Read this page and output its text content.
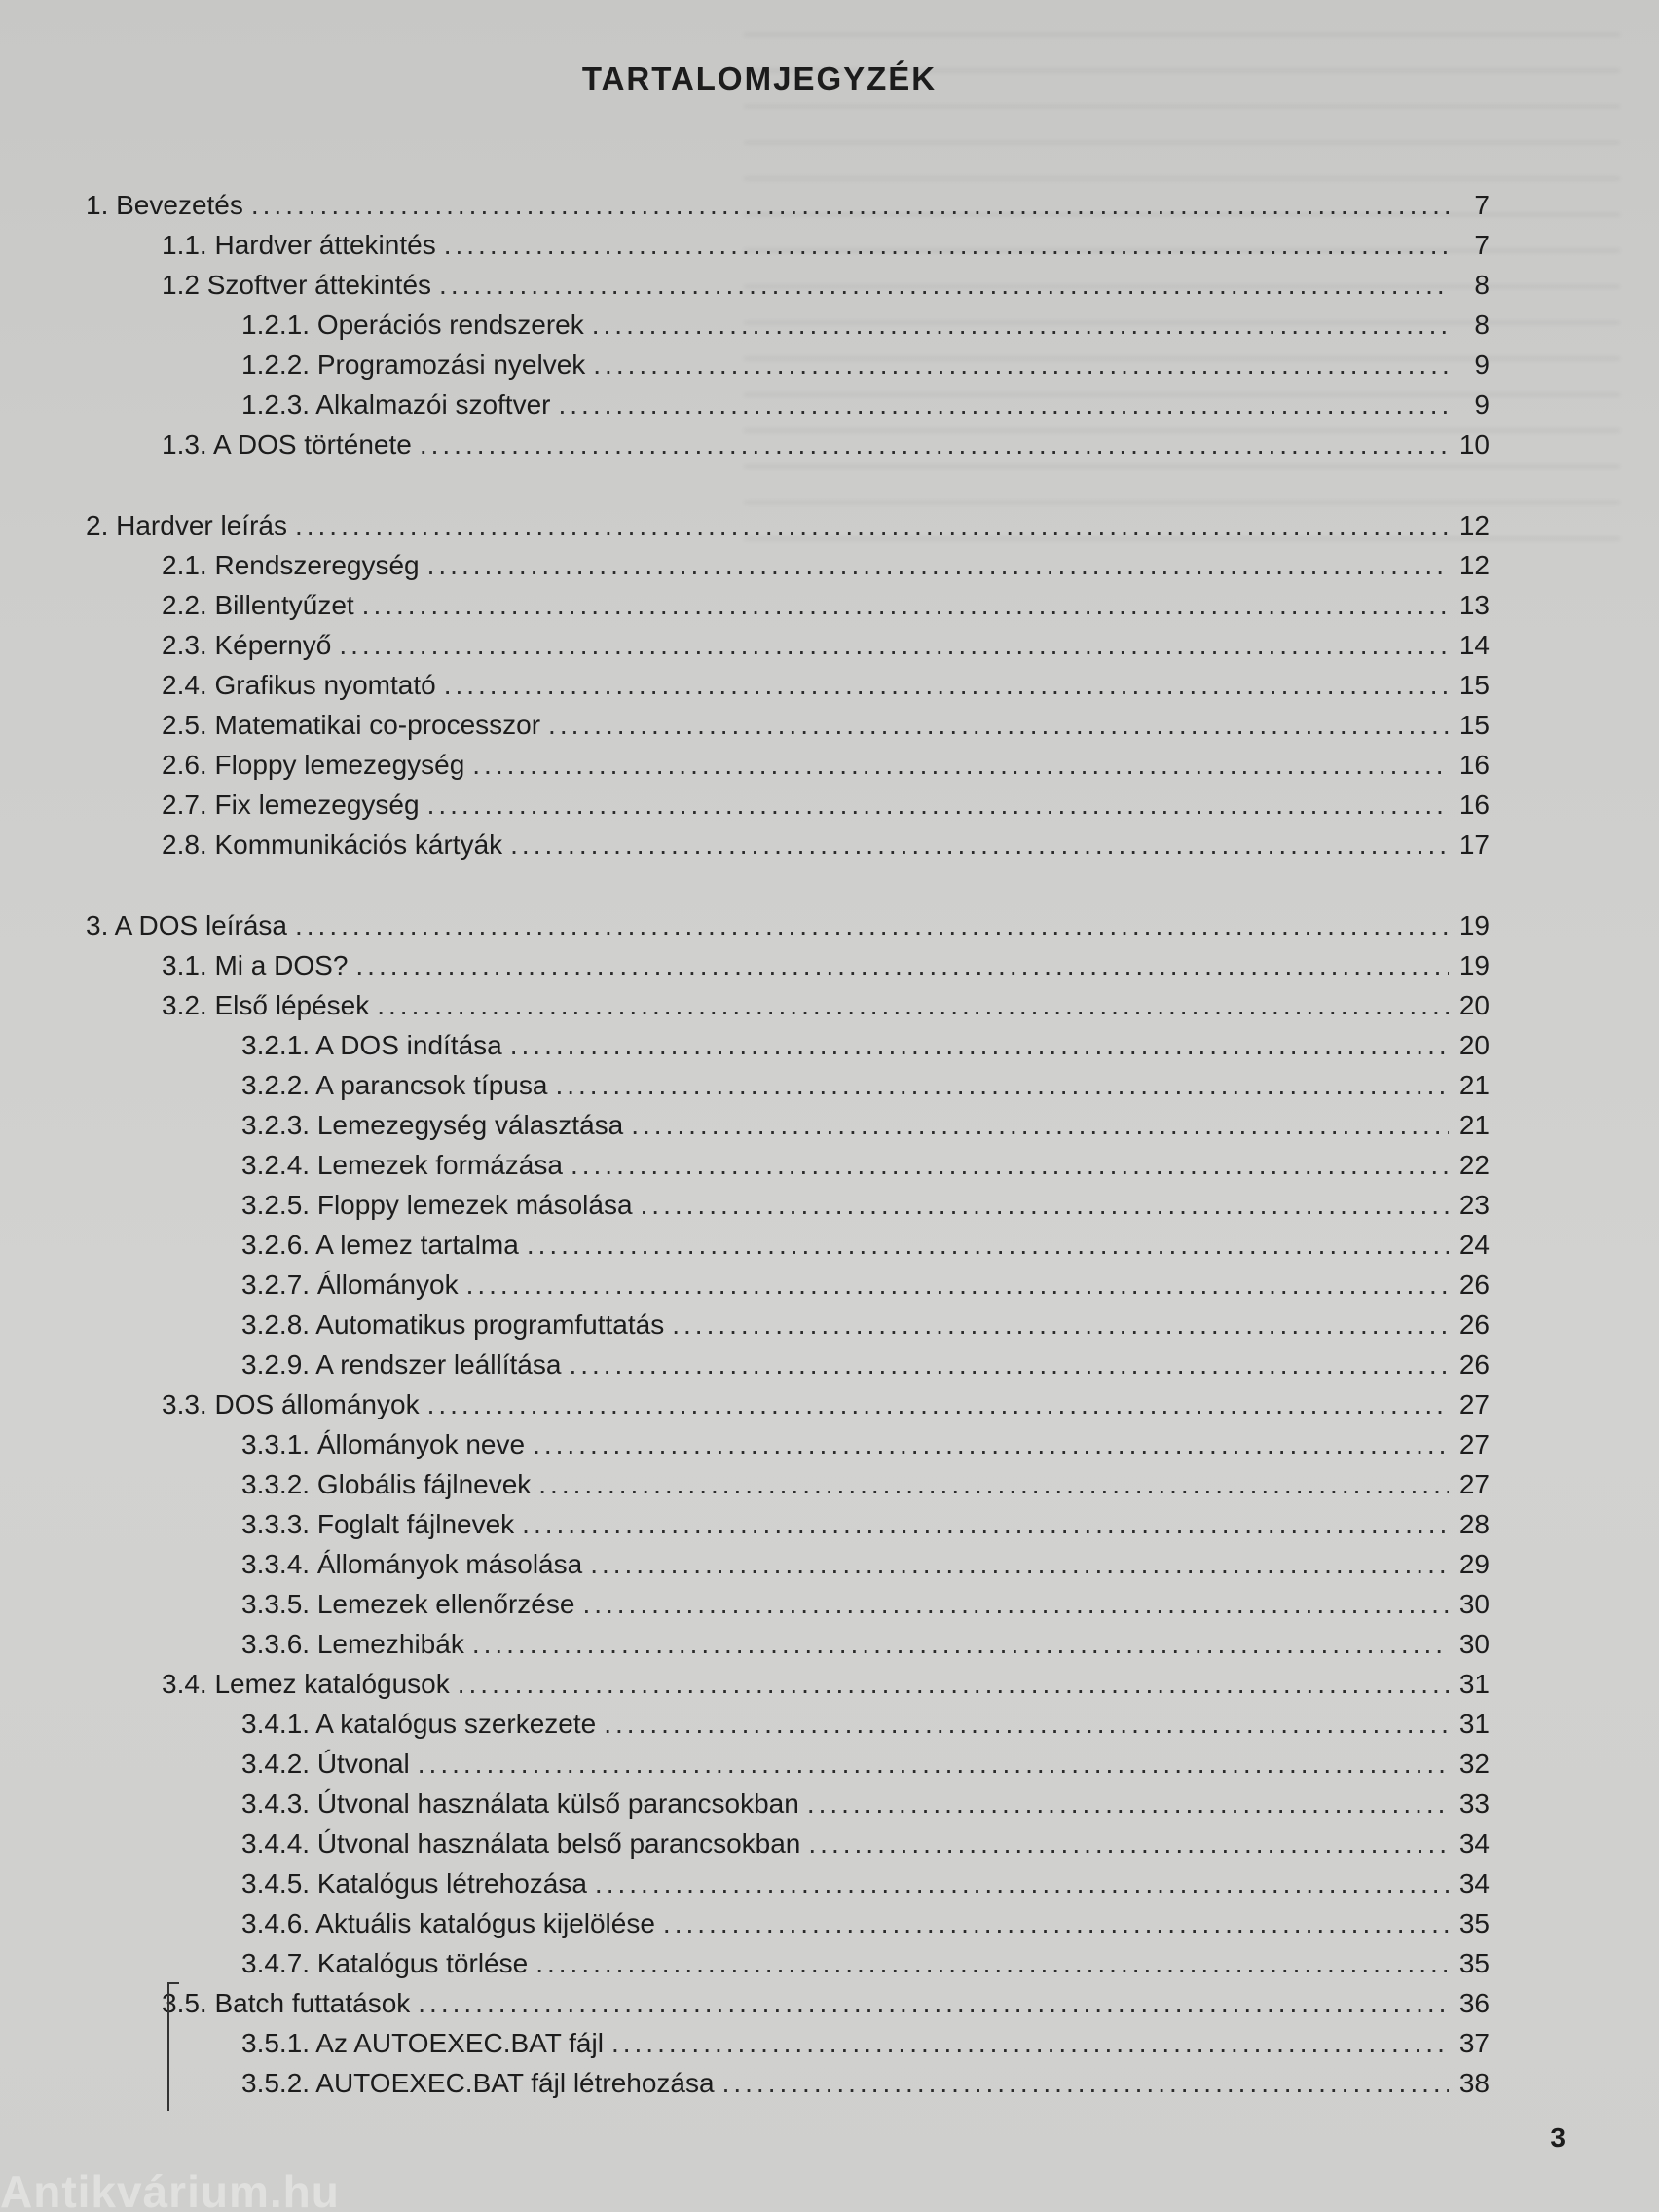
TARTALOMJEGYZÉK
1. Bevezetés .....	7
1.1. Hardver áttekintés .....	7
1.2 Szoftver áttekintés .....	8
1.2.1. Operációs rendszerek .....	8
1.2.2. Programozási nyelvek .....	9
1.2.3. Alkalmazói szoftver .....	9
1.3. A DOS története .....	10
2. Hardver leírás .....	12
2.1. Rendszeregység .....	12
2.2. Billentyűzet .....	13
2.3. Képernyő .....	14
2.4. Grafikus nyomtató .....	15
2.5. Matematikai co-processzor .....	15
2.6. Floppy lemezegység .....	16
2.7. Fix lemezegység .....	16
2.8. Kommunikációs kártyák .....	17
3. A DOS leírása .....	19
3.1. Mi a DOS? .....	19
3.2. Első lépések .....	20
3.2.1. A DOS indítása .....	20
3.2.2. A parancsok típusa .....	21
3.2.3. Lemezegység választása .....	21
3.2.4. Lemezek formázása .....	22
3.2.5. Floppy lemezek másolása .....	23
3.2.6. A lemez tartalma .....	24
3.2.7. Állományok .....	26
3.2.8. Automatikus programfuttatás .....	26
3.2.9. A rendszer leállítása .....	26
3.3. DOS állományok .....	27
3.3.1. Állományok neve .....	27
3.3.2. Globális fájlnevek .....	27
3.3.3. Foglalt fájlnevek .....	28
3.3.4. Állományok másolása .....	29
3.3.5. Lemezek ellenőrzése .....	30
3.3.6. Lemezhibák .....	30
3.4. Lemez katalógusok .....	31
3.4.1. A katalógus szerkezete .....	31
3.4.2. Útvonal .....	32
3.4.3. Útvonal használata külső parancsokban .....	33
3.4.4. Útvonal használata belső parancsokban .....	34
3.4.5. Katalógus létrehozása .....	34
3.4.6. Aktuális katalógus kijelölése .....	35
3.4.7. Katalógus törlése .....	35
3.5. Batch futtatások .....	36
3.5.1. Az AUTOEXEC.BAT fájl .....	37
3.5.2. AUTOEXEC.BAT fájl létrehozása .....	38
3
Antikvárium.hu
